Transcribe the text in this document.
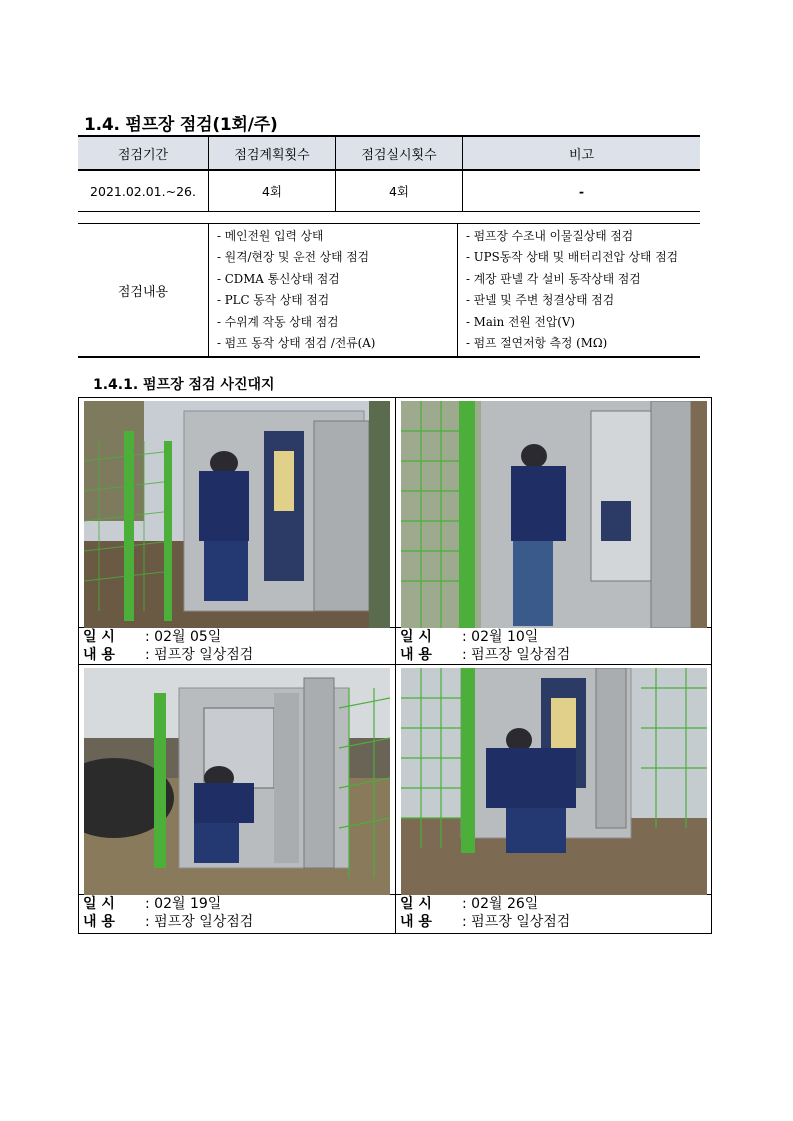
1.4. 펌프장 점검(1회/주)
점검기간	점검계획횟수	점검실시횟수	비고
2021.02.01.~26.	4회	4회	-
점검내용	
- 메인전원 입력 상태
- 원격/현장 및 운전 상태 점검
- CDMA 통신상태 점검
- PLC 동작 상태 점검
- 수위계 작동 상태 점검
- 펌프 동작 상태 점검 /전류(A)

- 펌프장 수조내 이물질상태 점검
- UPS동작 상태 및 배터리전압 상태 점검
- 계장 판넬 각 설비 동작상태 점검
- 판넬 및 주변 청결상태 점검
- Main 전원 전압(V)
- 펌프 절연저항 측정 (MΩ)
1.4.1. 펌프장 점검 사진대지
일 시 : 02월 05일
내 용 : 펌프장 일상점검
일 시 : 02월 10일
내 용 : 펌프장 일상점검
일 시 : 02월 19일
내 용 : 펌프장 일상점검
일 시 : 02월 26일
내 용 : 펌프장 일상점검
